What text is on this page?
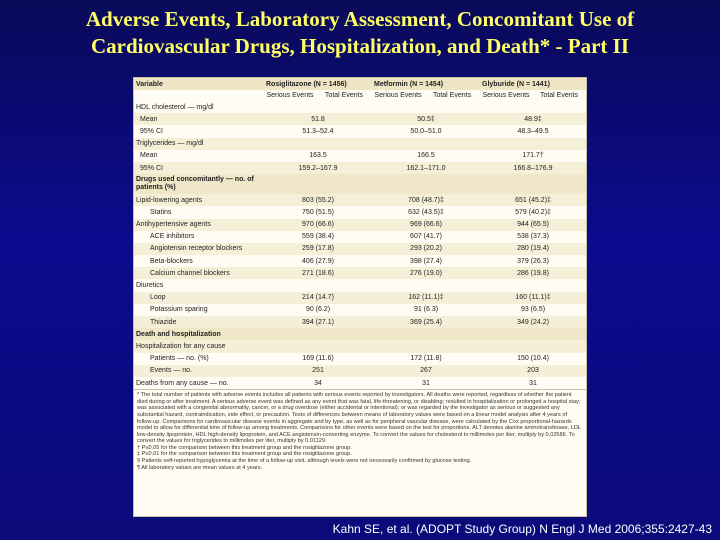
Adverse Events, Laboratory Assessment, Concomitant Use of
Cardiovascular Drugs, Hospitalization, and Death* - Part II
Variable	Rosiglitazone (N = 1456)		Metformin (N = 1454)		Glyburide (N = 1441)	
	Serious Events	Total Events	Serious Events	Total Events	Serious Events	Total Events
HDL cholesterol — mg/dl						
Mean	51.8		50.5‡		48.9‡	
95% CI	51.3–52.4		50.0–51.0		48.3–49.5	
Triglycerides — mg/dl						
Mean	163.5		166.5		171.7†	
95% CI	159.2–167.9		162.1–171.0		166.8–176.9	
Drugs used concomitantly — no. of patients (%)						
Lipid-lowering agents	803 (55.2)		708 (48.7)‡		651 (45.2)‡	
Statins	750 (51.5)		632 (43.5)‡		579 (40.2)‡	
Antihypertensive agents	970 (66.6)		969 (66.6)		944 (65.5)	
ACE inhibitors	559 (38.4)		607 (41.7)		538 (37.3)	
Angiotensin receptor blockers	259 (17.8)		293 (20.2)		280 (19.4)	
Beta-blockers	406 (27.9)		398 (27.4)		379 (26.3)	
Calcium channel blockers	271 (18.6)		276 (19.0)		286 (19.8)	
Diuretics						
Loop	214 (14.7)		162 (11.1)‡		160 (11.1)‡	
Potassium sparing	90 (6.2)		91 (6.3)		93 (6.5)	
Thiazide	394 (27.1)		369 (25.4)		349 (24.2)	
Death and hospitalization						
Hospitalization for any cause						
Patients — no. (%)	169 (11.6)		172 (11.8)		150 (10.4)	
Events — no.	251		267		203	
Deaths from any cause — no.	34		31		31	

* The total number of patients with adverse events includes all patients with serious events reported by investigators. All deaths were reported, regardless of whether the patient died during or after treatment. A serious adverse event was defined as any event that was fatal, life-threatening, or disabling; resulted in hospitalization or prolonged a hospital stay; was associated with a congenital abnormality, cancer, or a drug overdose (either accidental or intentional); or was regarded by the investigator as serious or suggested any substantial hazard, contraindication, side effect, or precaution. Tests of differences between means of laboratory values were based on a linear model analysis after 4 years of follow-up. Comparisons for cardiovascular disease events in aggregate and by type, as well as for peripheral vascular disease, were calculated by the Cox proportional-hazards model to allow for differential time of follow-up among treatments. Comparisons for other events were based on the test for proportions. ALT denotes alanine aminotransferase, LDL low-density lipoprotein, HDL high-density lipoprotein, and ACE angiotensin-converting enzyme. To convert the values for cholesterol to millimoles per liter, multiply by 0.02586. To convert the values for triglycerides to millimoles per liter, multiply by 0.01129.

† P≤0.05 for the comparison between this treatment group and the rosiglitazone group.

‡ P≤0.01 for the comparison between this treatment group and the rosiglitazone group.

§ Patients self-reported hypoglycemia at the time of a follow-up visit, although levels were not necessarily confirmed by glucose testing.

¶ All laboratory values are mean values at 4 years.

Kahn SE, et al. (ADOPT Study Group) N Engl J Med 2006;355:2427-43
